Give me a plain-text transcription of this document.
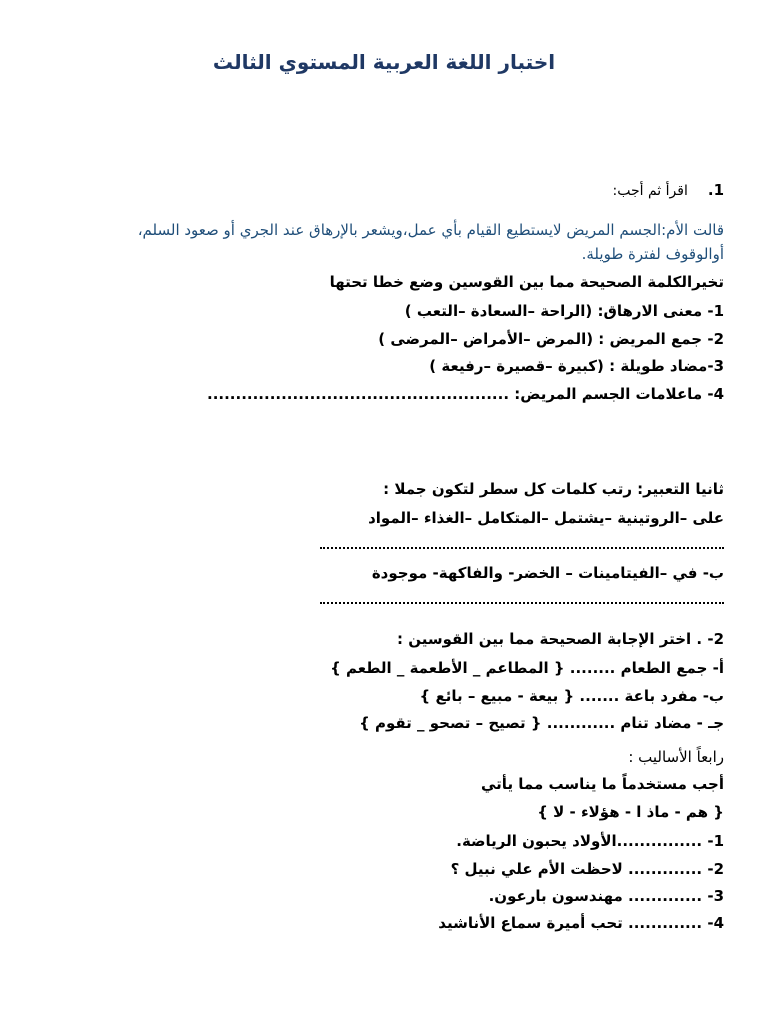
اختبار اللغة العربية المستوي الثالث
1.اقرأ ثم أجب:
قالت الأم:الجسم المريض لايستطيع القيام بأي عمل،ويشعر بالإرهاق عند الجري أو صعود السلم،
أوالوقوف لفترة طويلة.
تخيرالكلمة الصحيحة مما بين القوسين وضع خطا تحتها
1- معنى الارهاق: (الراحة –السعادة –التعب )
2- جمع المريض : (المرض –الأمراض –المرضى )
3-مضاد طويلة : (كبيرة –قصيرة –رفيعة )
4- ماعلامات الجسم المريض: .....................................................
ثانيا التعبير: رتب كلمات كل سطر لتكون جملا :
على –الروتينية –يشتمل –المتكامل –الغذاء –المواد
ب- في –الفيتامينات – الخضر- والفاكهة- موجودة
2- . اختر الإجابة الصحيحة مما بين القوسين :
أ- جمع الطعام ........ { المطاعم _ الأطعمة _ الطعم }
ب- مفرد باعة ....... { بيعة - مبيع – بائع }
جـ - مضاد تنام ............ { تصيح – تصحو _ تقوم }
رابعاً الأساليب :
أجب مستخدماً ما يناسب مما يأتي
{ هم - ماذ ا - هؤلاء - لا }
1- ...............الأولاد يحبون الرياضة.
2- ............. لاحظت الأم علي نبيل ؟
3- ............. مهندسون بارعون.
4- ............. تحب أميرة سماع الأناشيد
